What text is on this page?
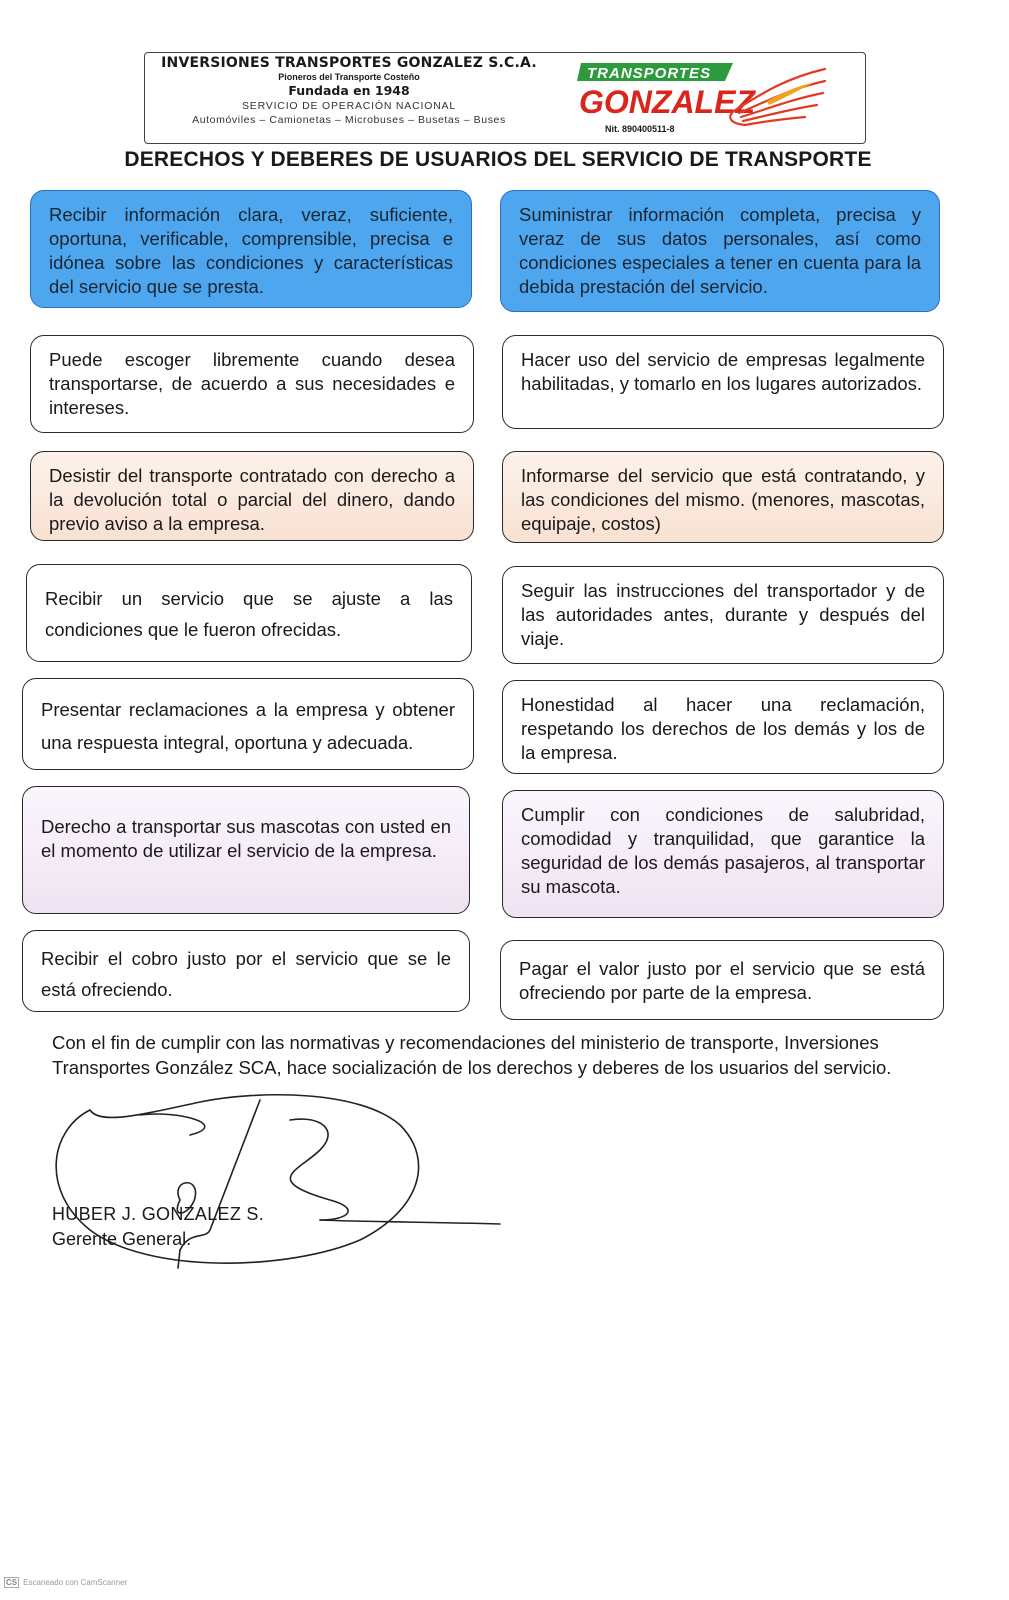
INVERSIONES TRANSPORTES GONZALEZ S.C.A.
Pioneros del Transporte Costeño
Fundada en 1948
SERVICIO DE OPERACIÓN NACIONAL
Automóviles – Camionetas – Microbuses – Busetas – Buses
TRANSPORTES
GONZALEZ
Nit. 890400511-8
DERECHOS Y DEBERES DE USUARIOS DEL SERVICIO DE TRANSPORTE
Recibir información clara, veraz, suficiente, oportuna, verificable, comprensible, precisa e idónea sobre las condiciones y características del servicio que se presta.
Suministrar información completa, precisa y veraz de sus datos personales, así como condiciones especiales a tener en cuenta para la debida prestación del servicio.
Puede escoger libremente cuando desea transportarse, de acuerdo a sus necesidades e intereses.
Hacer uso del servicio de empresas legalmente habilitadas, y tomarlo en los lugares autorizados.
Desistir del transporte contratado con derecho a la devolución total o parcial del dinero, dando previo aviso a la empresa.
Informarse del servicio que está contratando, y las condiciones del mismo. (menores, mascotas, equipaje, costos)
Recibir un servicio que se ajuste a las condiciones que le fueron ofrecidas.
Seguir las instrucciones del transportador y de las autoridades antes, durante y después del viaje.
Presentar reclamaciones a la empresa y obtener una respuesta integral, oportuna y adecuada.
Honestidad al hacer una reclamación, respetando los derechos de los demás y los de la empresa.
Derecho a transportar sus mascotas con usted en el momento de utilizar el servicio de la empresa.
Cumplir con condiciones de salubridad, comodidad y tranquilidad, que garantice la seguridad de los demás pasajeros, al transportar su mascota.
Recibir el cobro justo por el servicio que se le está ofreciendo.
Pagar el valor justo por el servicio que se está ofreciendo por parte de la empresa.
Con el fin de cumplir con las normativas y recomendaciones del ministerio de transporte, Inversiones Transportes González SCA, hace socialización de los derechos y deberes de los usuarios del servicio.
HUBER J. GONZALEZ S.
Gerente General.
CS Escaneado con CamScanner
